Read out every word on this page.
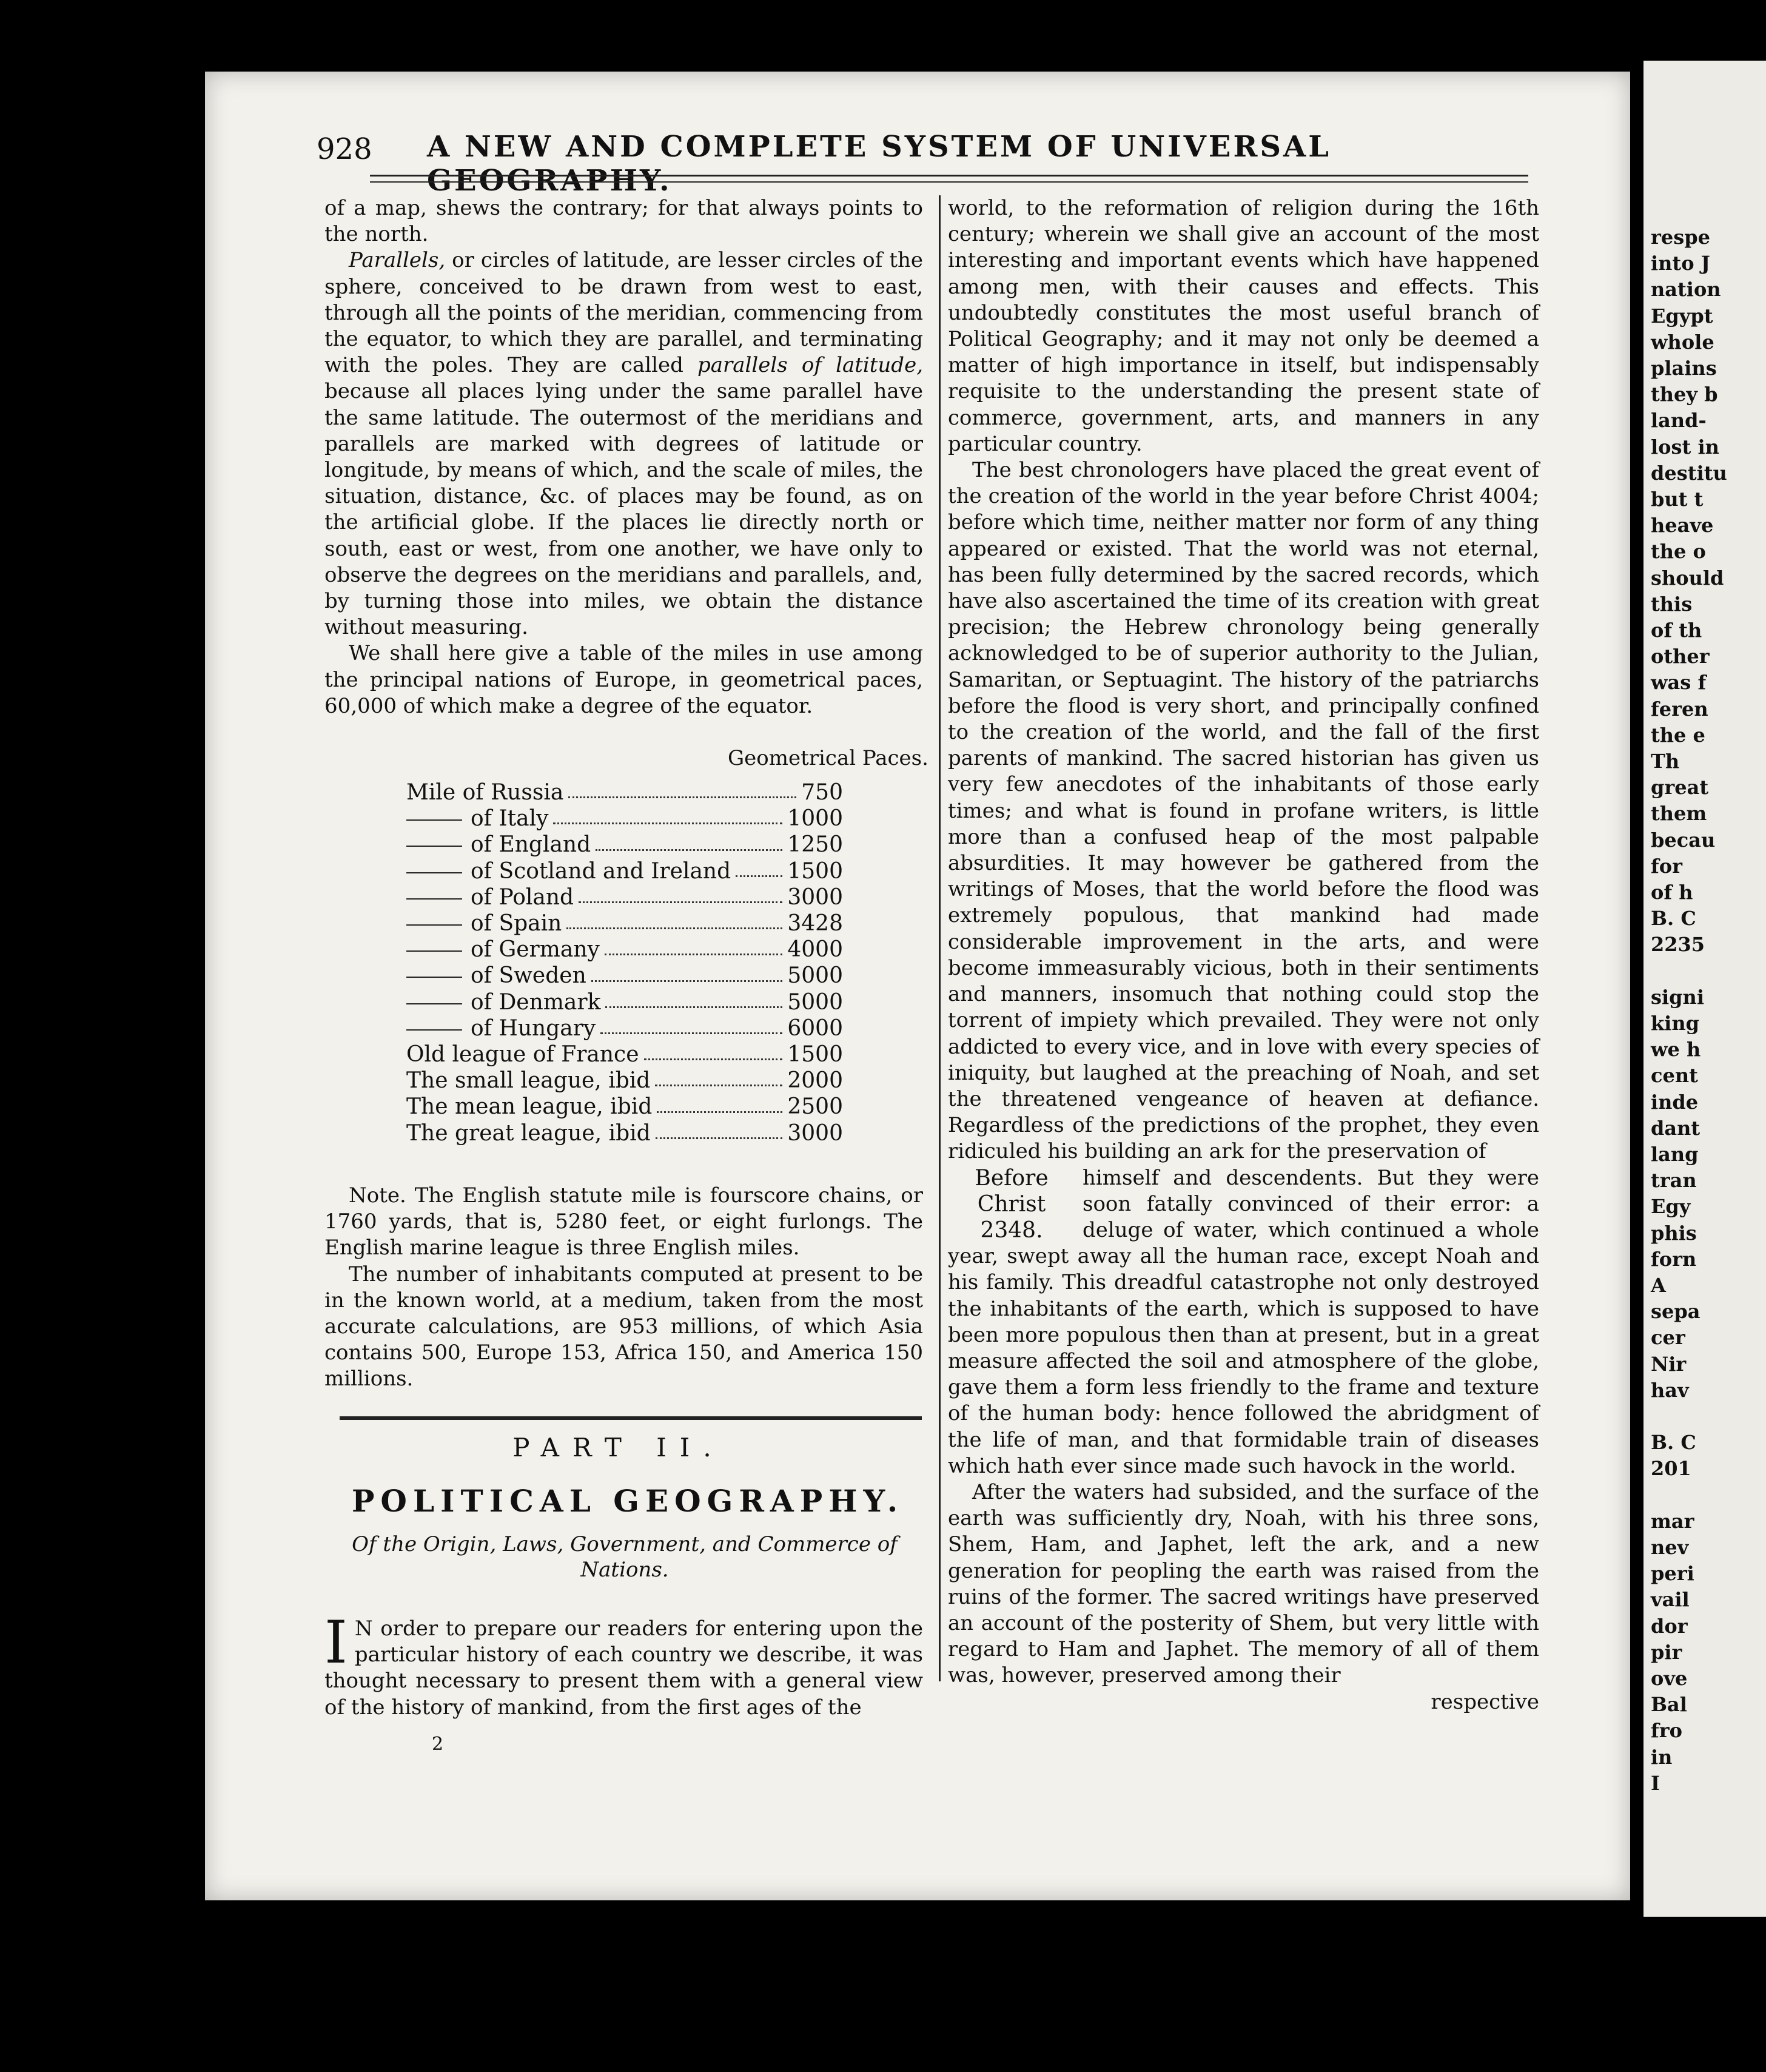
respe
into J
nation
Egypt
whole
plains
they b
land-
lost in
destitu
but t
heave
the o
should
this
of th
other
was f
feren
the e
Th
great
them
becau
for
of h
B. C
2235
signi
king
we h
cent
inde
dant
lang
tran
Egy
phis
forn
A
sepa
cer
Nir
hav
B. C
201
mar
nev
peri
vail
dor
pir
ove
Bal
fro
in
I
928 A NEW AND COMPLETE SYSTEM OF UNIVERSAL GEOGRAPHY.

of a map, shews the contrary; for that always points to the north.

Parallels, or circles of latitude, are lesser circles of the sphere, conceived to be drawn from west to east, through all the points of the meridian, commencing from the equator, to which they are parallel, and terminating with the poles. They are called parallels of latitude, because all places lying under the same parallel have the same latitude. The outermost of the meridians and parallels are marked with degrees of latitude or longitude, by means of which, and the scale of miles, the situation, distance, &c. of places may be found, as on the artificial globe. If the places lie directly north or south, east or west, from one another, we have only to observe the degrees on the meridians and parallels, and, by turning those into miles, we obtain the distance without measuring.

We shall here give a table of the miles in use among the principal nations of Europe, in geometrical paces, 60,000 of which make a degree of the equator.

Geometrical Paces.
Mile of Russia	750
of Italy	1000
of England	1250
of Scotland and Ireland	1500
of Poland	3000
of Spain	3428
of Germany	4000
of Sweden	5000
of Denmark	5000
of Hungary	6000
Old league of France	1500
The small league, ibid	2000
The mean league, ibid	2500
The great league, ibid	3000

Note. The English statute mile is fourscore chains, or 1760 yards, that is, 5280 feet, or eight furlongs. The English marine league is three English miles.

The number of inhabitants computed at present to be in the known world, at a medium, taken from the most accurate calculations, are 953 millions, of which Asia contains 500, Europe 153, Africa 150, and America 150 millions.

PART II.
POLITICAL GEOGRAPHY.
Of the Origin, Laws, Government, and Commerce of Nations.
I N order to prepare our readers for entering upon the particular history of each country we describe, it was thought necessary to present them with a general view of the history of mankind, from the first ages of the
2

world, to the reformation of religion during the 16th century; wherein we shall give an account of the most interesting and important events which have happened among men, with their causes and effects. This undoubtedly constitutes the most useful branch of Political Geography; and it may not only be deemed a matter of high importance in itself, but indispensably requisite to the understanding the present state of commerce, government, arts, and manners in any particular country.

The best chronologers have placed the great event of the creation of the world in the year before Christ 4004; before which time, neither matter nor form of any thing appeared or existed. That the world was not eternal, has been fully determined by the sacred records, which have also ascertained the time of its creation with great precision; the Hebrew chronology being generally acknowledged to be of superior authority to the Julian, Samaritan, or Septuagint. The history of the patriarchs before the flood is very short, and principally confined to the creation of the world, and the fall of the first parents of mankind. The sacred historian has given us very few anecdotes of the inhabitants of those early times; and what is found in profane writers, is little more than a confused heap of the most palpable absurdities. It may however be gathered from the writings of Moses, that the world before the flood was extremely populous, that mankind had made considerable improvement in the arts, and were become immeasurably vicious, both in their sentiments and manners, insomuch that nothing could stop the torrent of impiety which prevailed. They were not only addicted to every vice, and in love with every species of iniquity, but laughed at the preaching of Noah, and set the threatened vengeance of heaven at defiance. Regardless of the predictions of the prophet, they even ridiculed his building an ark for the preservation of

Before Christ 2348.
himself and descendents. But they were soon fatally convinced of their error: a deluge of water, which continued a whole year, swept away all the human race, except Noah and his family. This dreadful catastrophe not only destroyed the inhabitants of the earth, which is supposed to have been more populous then than at present, but in a great measure affected the soil and atmosphere of the globe, gave them a form less friendly to the frame and texture of the human body: hence followed the abridgment of the life of man, and that formidable train of diseases which hath ever since made such havock in the world.

After the waters had subsided, and the surface of the earth was sufficiently dry, Noah, with his three sons, Shem, Ham, and Japhet, left the ark, and a new generation for peopling the earth was raised from the ruins of the former. The sacred writings have preserved an account of the posterity of Shem, but very little with regard to Ham and Japhet. The memory of all of them was, however, preserved among their

respective
